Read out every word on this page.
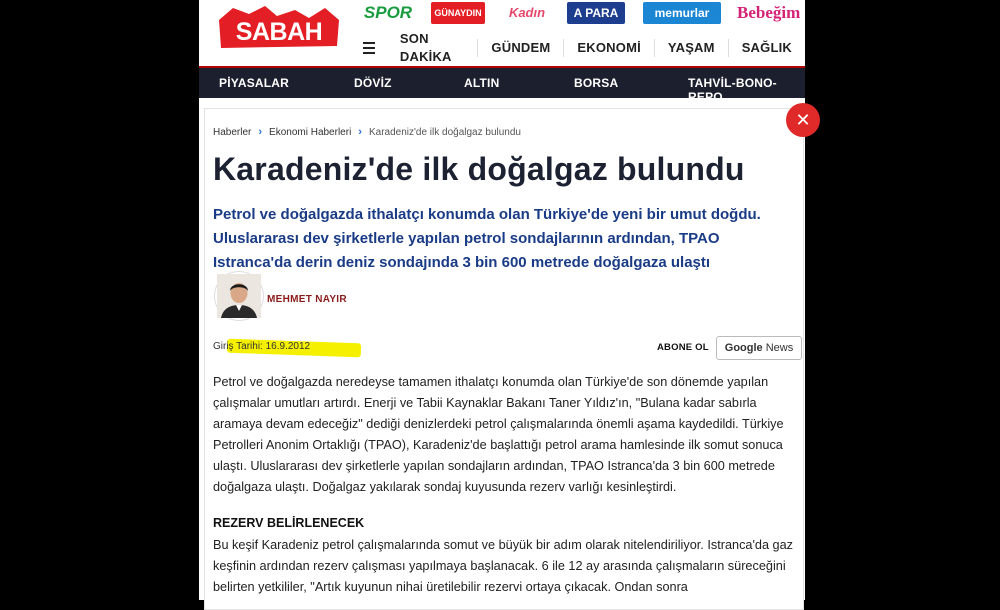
SABAH
SPOR	GÜNAYDIN	Kadın	A PARA	memurlar	Bebeğim
SON DAKİKA
GÜNDEM	EKONOMİ	YAŞAM	SAĞLIK
PİYASALAR	DÖVİZ	ALTIN	BORSA	TAHVİL-BONO-REPO
Haberler › Ekonomi Haberleri › Karadeniz'de ilk doğalgaz bulundu
Karadeniz'de ilk doğalgaz bulundu

Petrol ve doğalgazda ithalatçı konumda olan Türkiye'de yeni bir umut doğdu. Uluslararası dev şirketlerle yapılan petrol sondajlarının ardından, TPAO Istranca'da derin deniz sondajında 3 bin 600 metrede doğalgaza ulaştı

MEHMET NAYIR
Giriş Tarihi: 16.9.2012	ABONE OL Google
News

Petrol ve doğalgazda neredeyse tamamen ithalatçı konumda olan Türkiye'de son dönemde yapılan çalışmalar umutları artırdı. Enerji ve Tabii Kaynaklar Bakanı Taner Yıldız'ın, "Bulana kadar sabırla aramaya devam edeceğiz" dediği denizlerdeki petrol çalışmalarında önemli aşama kaydedildi. Türkiye Petrolleri Anonim Ortaklığı (TPAO), Karadeniz'de başlattığı petrol arama hamlesinde ilk somut sonuca ulaştı. Uluslararası dev şirketlerle yapılan sondajların ardından, TPAO Istranca'da 3 bin 600 metrede doğalgaza ulaştı. Doğalgaz yakılarak sondaj kuyusunda rezerv varlığı kesinleştirdi.

REZERV BELİRLENECEK

Bu keşif Karadeniz petrol çalışmalarında somut ve büyük bir adım olarak nitelendiriliyor. Istranca'da gaz keşfinin ardından rezerv çalışması yapılmaya başlanacak. 6 ile 12 ay arasında çalışmaların süreceğini belirten yetkililer, "Artık kuyunun nihai üretilebilir rezervi ortaya çıkacak. Ondan sonra

✕
